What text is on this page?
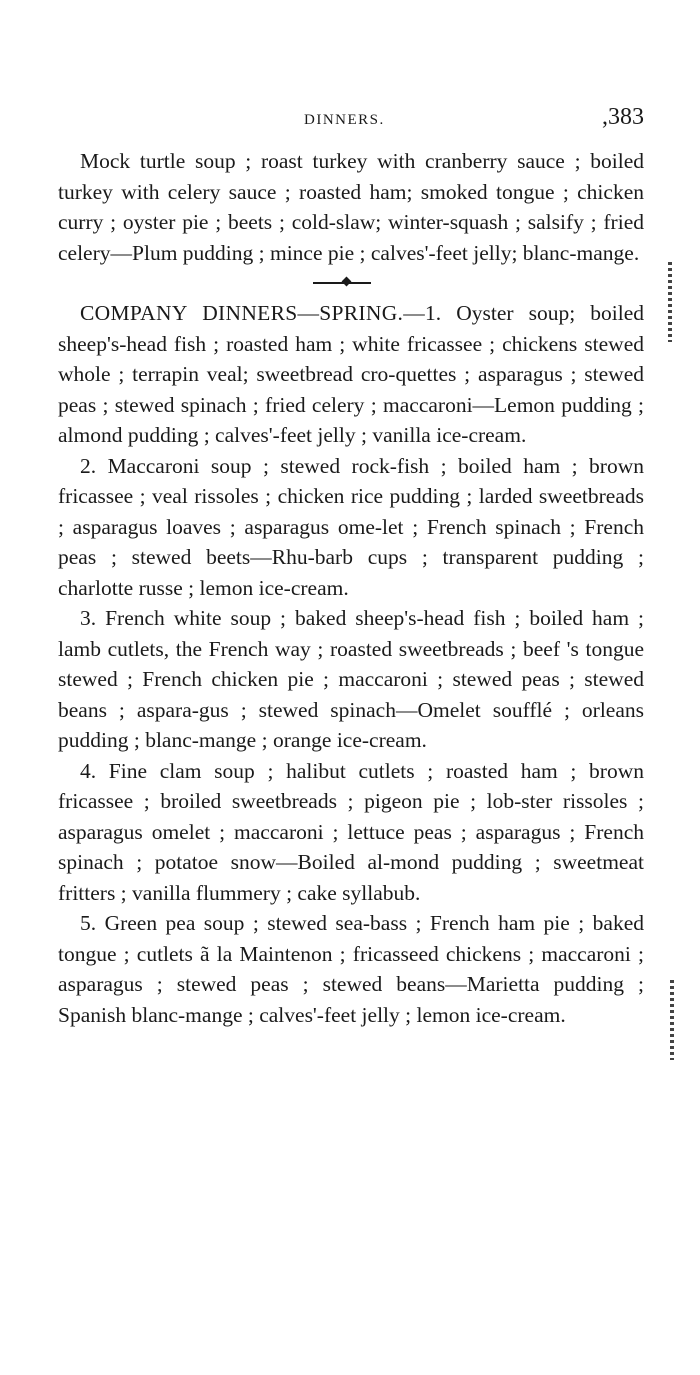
DINNERS.	,383

Mock turtle soup ; roast turkey with cranberry sauce ; boiled turkey with celery sauce ; roasted ham; smoked tongue ; chicken curry ; oyster pie ; beets ; cold-slaw; winter-squash ; salsify ; fried celery—Plum pudding ; mince pie ; calves'-feet jelly; blanc-mange.

COMPANY DINNERS—SPRING.—1. Oyster soup; boiled sheep's-head fish ; roasted ham ; white fricassee ; chickens stewed whole ; terrapin veal; sweetbread cro-quettes ; asparagus ; stewed peas ; stewed spinach ; fried celery ; maccaroni—Lemon pudding ; almond pudding ; calves'-feet jelly ; vanilla ice-cream.

2. Maccaroni soup ; stewed rock-fish ; boiled ham ; brown fricassee ; veal rissoles ; chicken rice pudding ; larded sweetbreads ; asparagus loaves ; asparagus ome-let ; French spinach ; French peas ; stewed beets—Rhu-barb cups ; transparent pudding ; charlotte russe ; lemon ice-cream.

3. French white soup ; baked sheep's-head fish ; boiled ham ; lamb cutlets, the French way ; roasted sweetbreads ; beef 's tongue stewed ; French chicken pie ; maccaroni ; stewed peas ; stewed beans ; aspara-gus ; stewed spinach—Omelet soufflé ; orleans pudding ; blanc-mange ; orange ice-cream.

4. Fine clam soup ; halibut cutlets ; roasted ham ; brown fricassee ; broiled sweetbreads ; pigeon pie ; lob-ster rissoles ; asparagus omelet ; maccaroni ; lettuce peas ; asparagus ; French spinach ; potatoe snow—Boiled al-mond pudding ; sweetmeat fritters ; vanilla flummery ; cake syllabub.

5. Green pea soup ; stewed sea-bass ; French ham pie ; baked tongue ; cutlets ã la Maintenon ; fricasseed chickens ; maccaroni ; asparagus ; stewed peas ; stewed beans—Marietta pudding ; Spanish blanc-mange ; calves'-feet jelly ; lemon ice-cream.
